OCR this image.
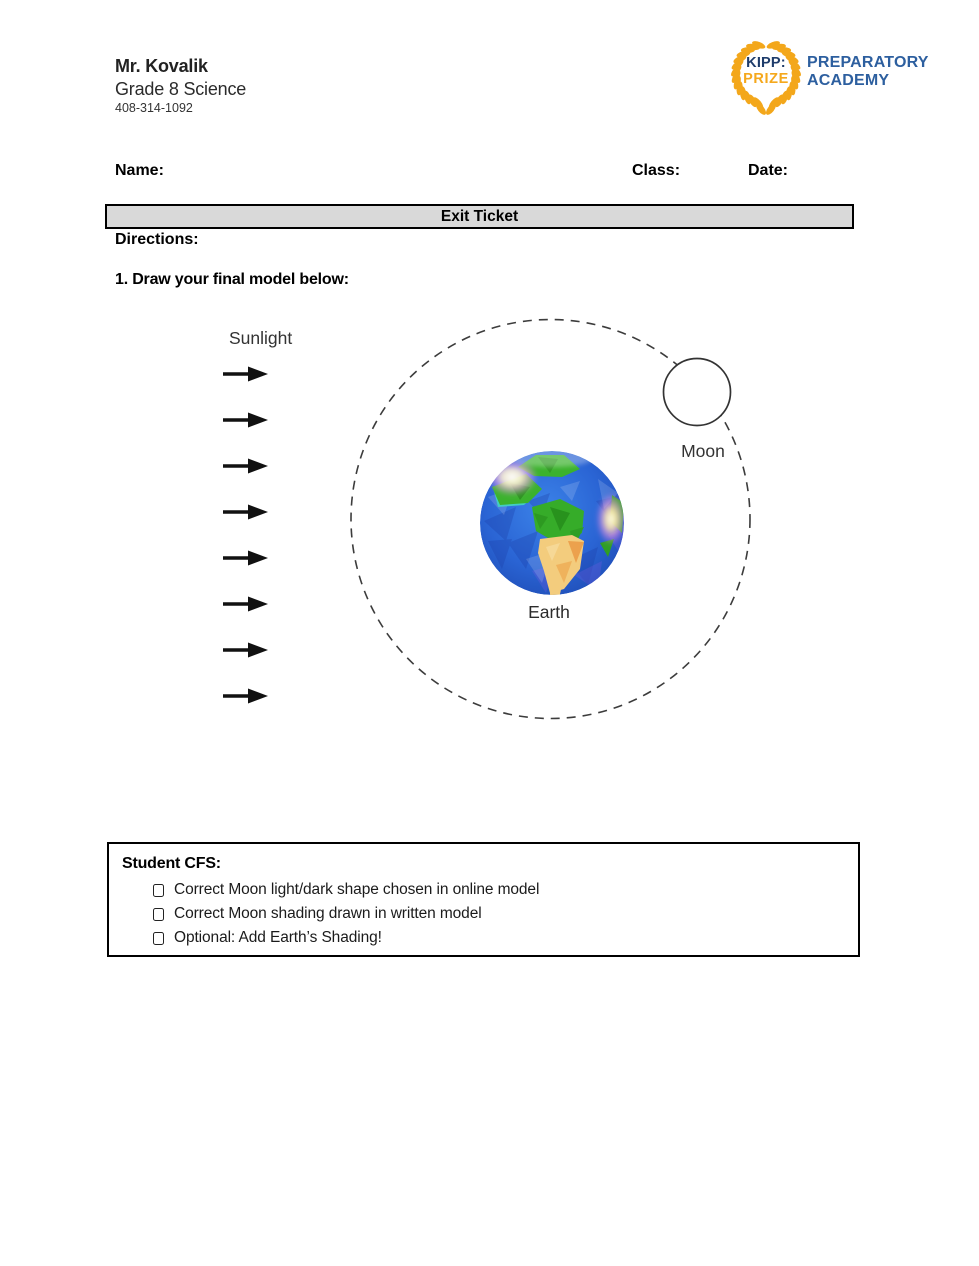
Mr. Kovalik
Grade 8 Science
408-314-1092
KIPP:
PRIZE
PREPARATORY
ACADEMY
Name:	Class:	Date:
Exit Ticket
Directions:
1. Draw your final model below:
Sunlight
Moon
Earth
Student CFS:
Correct Moon light/dark shape chosen in online model
Correct Moon shading drawn in written model
Optional: Add Earth’s Shading!
